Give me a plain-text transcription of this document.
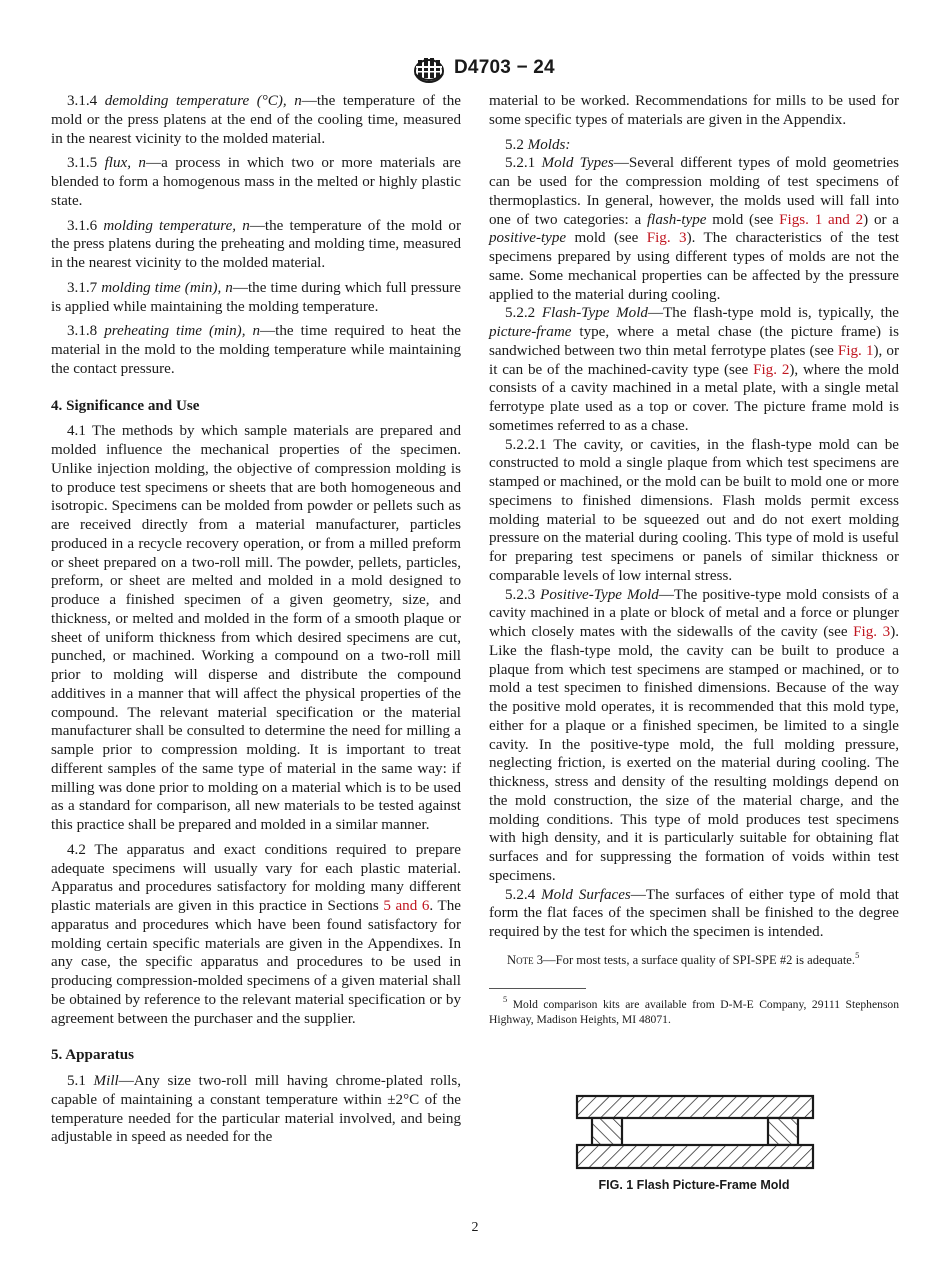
D4703 − 24

3.1.4 demolding temperature (°C), n—the temperature of the mold or the press platens at the end of the cooling time, measured in the nearest vicinity to the molded material.

3.1.5 flux, n—a process in which two or more materials are blended to form a homogenous mass in the melted or highly plastic state.

3.1.6 molding temperature, n—the temperature of the mold or the press platens during the preheating and molding time, measured in the nearest vicinity to the molded material.

3.1.7 molding time (min), n—the time during which full pressure is applied while maintaining the molding temperature.

3.1.8 preheating time (min), n—the time required to heat the material in the mold to the molding temperature while maintaining the contact pressure.

4. Significance and Use

4.1 The methods by which sample materials are prepared and molded influence the mechanical properties of the specimen. Unlike injection molding, the objective of compression molding is to produce test specimens or sheets that are both homogeneous and isotropic. Specimens can be molded from powder or pellets such as are received directly from a material manufacturer, particles produced in a recycle recovery operation, or from a milled preform or sheet prepared on a two-roll mill. The powder, pellets, particles, preform, or sheet are melted and molded in a mold designed to produce a finished specimen of a given geometry, size, and thickness, or melted and molded in the form of a smooth plaque or sheet of uniform thickness from which desired specimens are cut, punched, or machined. Working a compound on a two-roll mill prior to molding will disperse and distribute the compound additives in a manner that will affect the physical properties of the compound. The relevant material specification or the material manufacturer shall be consulted to determine the need for milling a sample prior to compression molding. It is important to treat different samples of the same type of material in the same way: if milling was done prior to molding on a material which is to be used as a standard for comparison, all new materials to be tested against this practice shall be prepared and molded in a similar manner.

4.2 The apparatus and exact conditions required to prepare adequate specimens will usually vary for each plastic material. Apparatus and procedures satisfactory for molding many different plastic materials are given in this practice in Sections 5 and 6. The apparatus and procedures which have been found satisfactory for molding certain specific materials are given in the Appendixes. In any case, the specific apparatus and procedures to be used in producing compression-molded specimens of a given material shall be obtained by reference to the relevant material specification or by agreement between the purchaser and the supplier.

5. Apparatus

5.1 Mill—Any size two-roll mill having chrome-plated rolls, capable of maintaining a constant temperature within ±2°C of the temperature needed for the particular material involved, and being adjustable in speed as needed for the

material to be worked. Recommendations for mills to be used for some specific types of materials are given in the Appendix.

5.2 Molds:

5.2.1 Mold Types—Several different types of mold geometries can be used for the compression molding of test specimens of thermoplastics. In general, however, the molds used will fall into one of two categories: a flash-type mold (see Figs. 1 and 2) or a positive-type mold (see Fig. 3). The characteristics of the test specimens prepared by using different types of molds are not the same. Some mechanical properties can be affected by the pressure applied to the material during cooling.

5.2.2 Flash-Type Mold—The flash-type mold is, typically, the picture-frame type, where a metal chase (the picture frame) is sandwiched between two thin metal ferrotype plates (see Fig. 1), or it can be of the machined-cavity type (see Fig. 2), where the mold consists of a cavity machined in a metal plate, with a single metal ferrotype plate used as a top or cover. The picture frame mold is sometimes referred to as a chase.

5.2.2.1 The cavity, or cavities, in the flash-type mold can be constructed to mold a single plaque from which test specimens are stamped or machined, or the mold can be built to mold one or more specimens to finished dimensions. Flash molds permit excess molding material to be squeezed out and do not exert molding pressure on the material during cooling. This type of mold is useful for preparing test specimens or panels of similar thickness or comparable levels of low internal stress.

5.2.3 Positive-Type Mold—The positive-type mold consists of a cavity machined in a plate or block of metal and a force or plunger which closely mates with the sidewalls of the cavity (see Fig. 3). Like the flash-type mold, the cavity can be built to produce a plaque from which test specimens are stamped or machined, or to mold a test specimen to finished dimensions. Because of the way the positive mold operates, it is recommended that this mold type, either for a plaque or a finished specimen, be limited to a single cavity. In the positive-type mold, the full molding pressure, neglecting friction, is exerted on the material during cooling. The thickness, stress and density of the resulting moldings depend on the mold construction, the size of the material charge, and the molding conditions. This type of mold produces test specimens with high density, and it is particularly suitable for obtaining flat surfaces and for suppressing the formation of voids within test specimens.

5.2.4 Mold Surfaces—The surfaces of either type of mold that form the flat faces of the specimen shall be finished to the degree required by the test for which the specimen is intended.

Note 3—For most tests, a surface quality of SPI-SPE #2 is adequate.$^5$

$^5$ Mold comparison kits are available from D-M-E Company, 29111 Stephenson Highway, Madison Heights, MI 48071.

FIG. 1 Flash Picture-Frame Mold
2
